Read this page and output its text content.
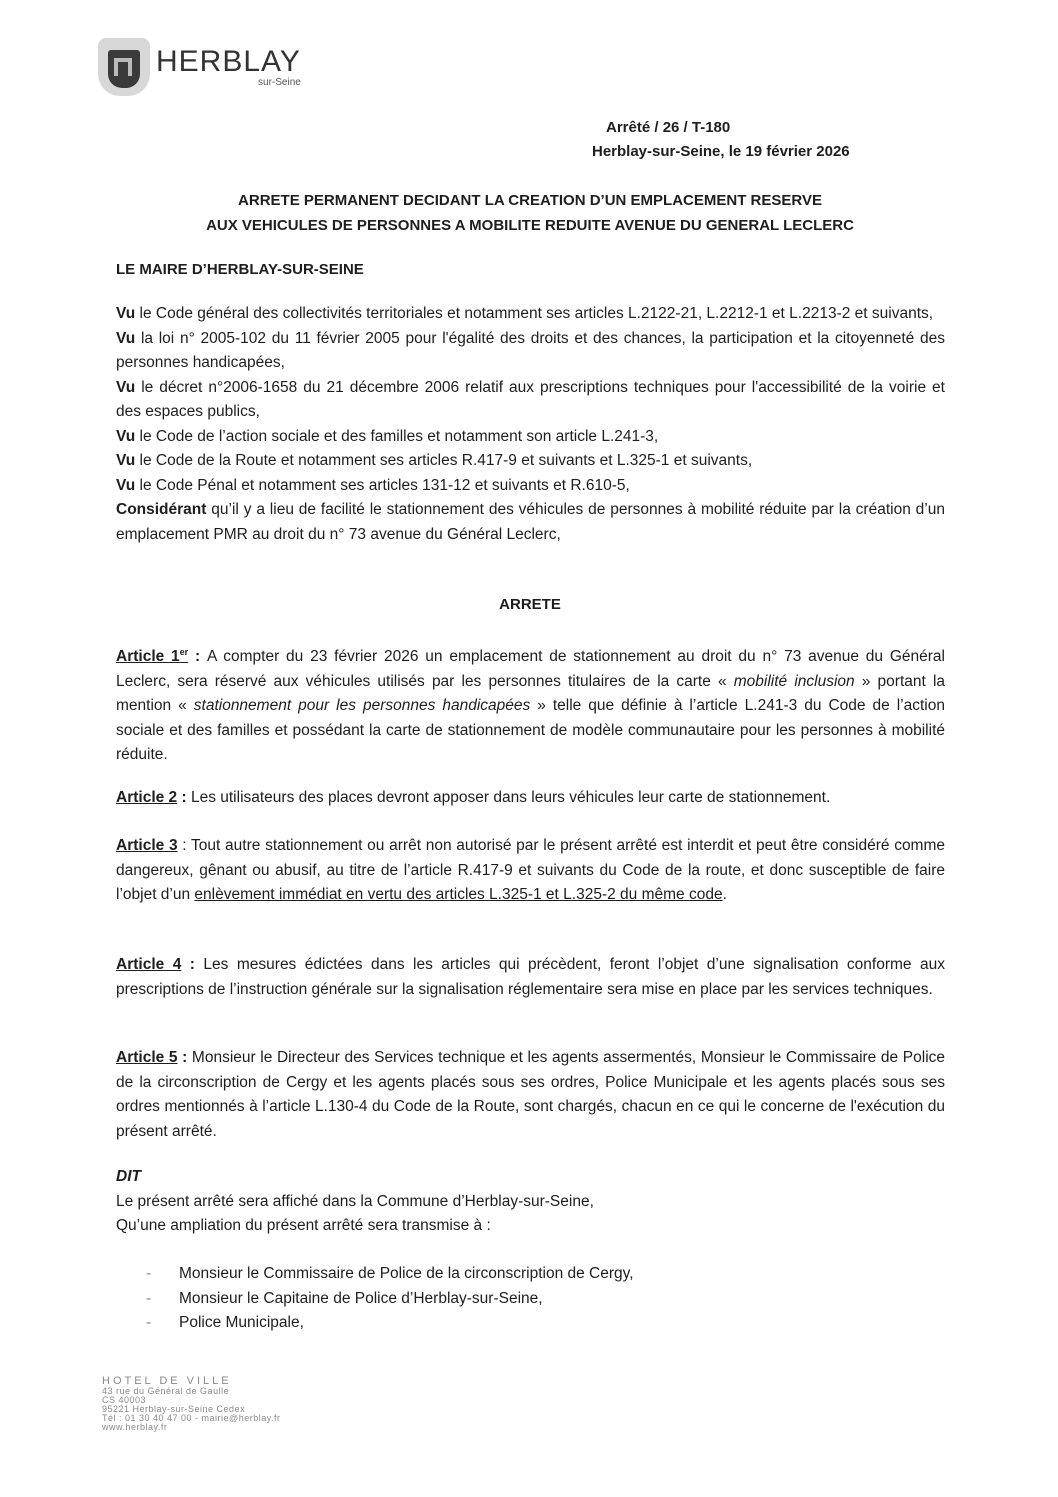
HERBLAY
sur-Seine
Arrêté / 26 / T-180
Herblay-sur-Seine, le 19 février 2026
ARRETE PERMANENT DECIDANT LA CREATION D’UN EMPLACEMENT RESERVE
AUX VEHICULES DE PERSONNES A MOBILITE REDUITE AVENUE DU GENERAL LECLERC
LE MAIRE D’HERBLAY-SUR-SEINE

Vu le Code général des collectivités territoriales et notamment ses articles L.2122-21, L.2212-1 et L.2213-2 et suivants,

Vu la loi n° 2005-102 du 11 février 2005 pour l'égalité des droits et des chances, la participation et la citoyenneté des personnes handicapées,

Vu le décret n°2006-1658 du 21 décembre 2006 relatif aux prescriptions techniques pour l'accessibilité de la voirie et des espaces publics,

Vu le Code de l’action sociale et des familles et notamment son article L.241-3,

Vu le Code de la Route et notamment ses articles R.417-9 et suivants et L.325-1 et suivants,

Vu le Code Pénal et notamment ses articles 131-12 et suivants et R.610-5,

Considérant qu’il y a lieu de facilité le stationnement des véhicules de personnes à mobilité réduite par la création d’un emplacement PMR au droit du n° 73 avenue du Général Leclerc,

ARRETE

Article 1er : A compter du 23 février 2026 un emplacement de stationnement au droit du n° 73 avenue du Général Leclerc, sera réservé aux véhicules utilisés par les personnes titulaires de la carte « mobilité inclusion » portant la mention « stationnement pour les personnes handicapées » telle que définie à l’article L.241-3 du Code de l’action sociale et des familles et possédant la carte de stationnement de modèle communautaire pour les personnes à mobilité réduite.

Article 2 : Les utilisateurs des places devront apposer dans leurs véhicules leur carte de stationnement.

Article 3 : Tout autre stationnement ou arrêt non autorisé par le présent arrêté est interdit et peut être considéré comme dangereux, gênant ou abusif, au titre de l’article R.417-9 et suivants du Code de la route, et donc susceptible de faire l’objet d’un enlèvement immédiat en vertu des articles L.325-1 et L.325-2 du même code.

Article 4 : Les mesures édictées dans les articles qui précèdent, feront l’objet d’une signalisation conforme aux prescriptions de l’instruction générale sur la signalisation réglementaire sera mise en place par les services techniques.

Article 5 : Monsieur le Directeur des Services technique et les agents assermentés, Monsieur le Commissaire de Police de la circonscription de Cergy et les agents placés sous ses ordres, Police Municipale et les agents placés sous ses ordres mentionnés à l’article L.130-4 du Code de la Route, sont chargés, chacun en ce qui le concerne de l'exécution du présent arrêté.

DIT

Le présent arrêté sera affiché dans la Commune d’Herblay-sur-Seine,

Qu’une ampliation du présent arrêté sera transmise à :

-	Monsieur le Commissaire de Police de la circonscription de Cergy,
-	Monsieur le Capitaine de Police d’Herblay-sur-Seine,
-	Police Municipale,
HOTEL DE VILLE
43 rue du Général de Gaulle
CS 40003
95221 Herblay-sur-Seine Cedex
Tél : 01 30 40 47 00 - mairie@herblay.fr
www.herblay.fr
